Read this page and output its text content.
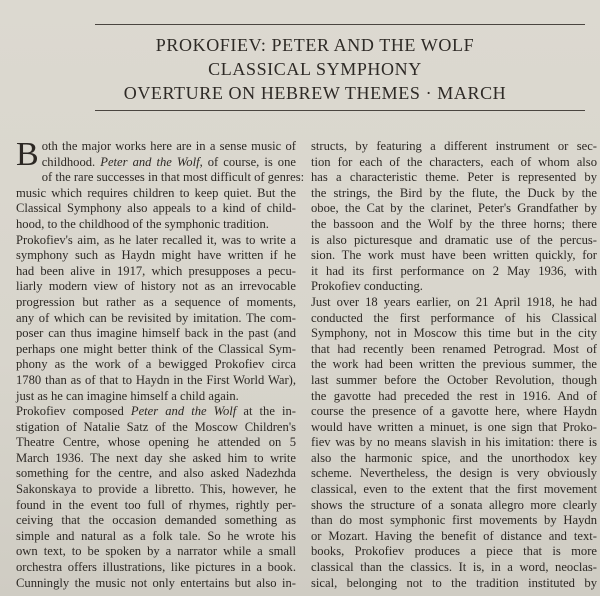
PROKOFIEV: PETER AND THE WOLF
CLASSICAL SYMPHONY
OVERTURE ON HEBREW THEMES · MARCH
B oth the major works here are in a sense music of
childhood. Peter and the Wolf, of course, is one
of the rare successes in that most difficult of genres:
music which requires children to keep quiet. But the
Classical Symphony also appeals to a kind of child-
hood, to the childhood of the symphonic tradition.
Prokofiev's aim, as he later recalled it, was to write a
symphony such as Haydn might have written if he
had been alive in 1917, which presupposes a pecu-
liarly modern view of history not as an irrevocable
progression but rather as a sequence of moments,
any of which can be revisited by imitation. The com-
poser can thus imagine himself back in the past (and
perhaps one might better think of the Classical Sym-
phony as the work of a bewigged Prokofiev circa
1780 than as of that to Haydn in the First World War),
just as he can imagine himself a child again.
Prokofiev composed Peter and the Wolf at the in-
stigation of Natalie Satz of the Moscow Children's
Theatre Centre, whose opening he attended on 5
March 1936. The next day she asked him to write
something for the centre, and also asked Nadezhda
Sakonskaya to provide a libretto. This, however, he
found in the event too full of rhymes, rightly per-
ceiving that the occasion demanded something as
simple and natural as a folk tale. So he wrote his
own text, to be spoken by a narrator while a small
orchestra offers illustrations, like pictures in a book.
Cunningly the music not only entertains but also in-
structs, by featuring a different instrument or sec-
tion for each of the characters, each of whom also
has a characteristic theme. Peter is represented by
the strings, the Bird by the flute, the Duck by the
oboe, the Cat by the clarinet, Peter's Grandfather by
the bassoon and the Wolf by the three horns; there
is also picturesque and dramatic use of the percus-
sion. The work must have been written quickly, for
it had its first performance on 2 May 1936, with
Prokofiev conducting.
Just over 18 years earlier, on 21 April 1918, he had
conducted the first performance of his Classical
Symphony, not in Moscow this time but in the city
that had recently been renamed Petrograd. Most of
the work had been written the previous summer, the
last summer before the October Revolution, though
the gavotte had preceded the rest in 1916. And of
course the presence of a gavotte here, where Haydn
would have written a minuet, is one sign that Proko-
fiev was by no means slavish in his imitation: there is
also the harmonic spice, and the unorthodox key
scheme. Nevertheless, the design is very obviously
classical, even to the extent that the first movement
shows the structure of a sonata allegro more clearly
than do most symphonic first movements by Haydn
or Mozart. Having the benefit of distance and text-
books, Prokofiev produces a piece that is more
classical than the classics. It is, in a word, neoclas-
sical, belonging not to the tradition instituted by
